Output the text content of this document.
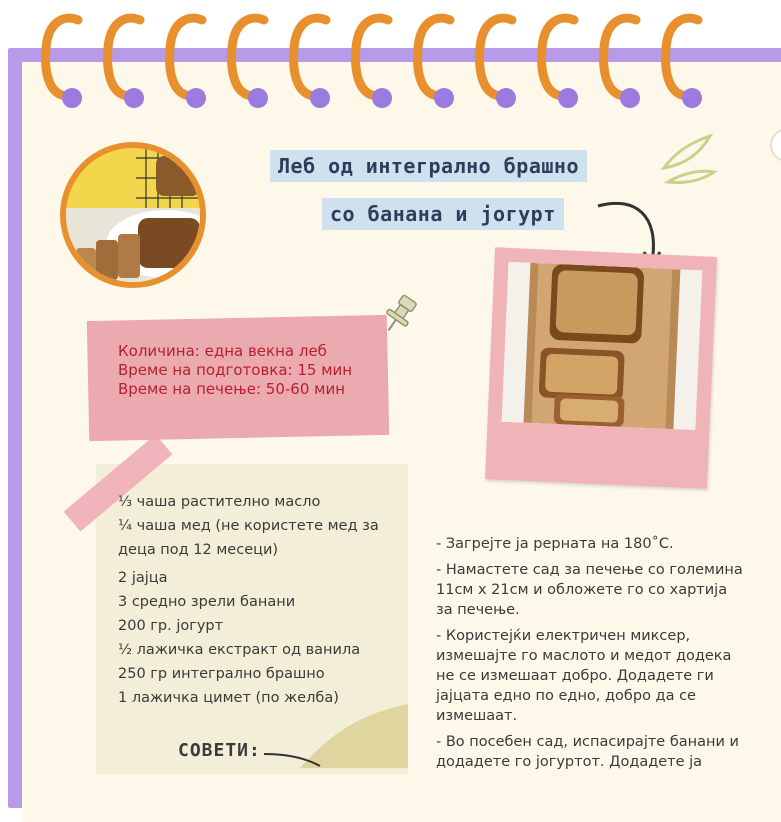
Леб од интегрално брашно
со банана и јогурт
Количина: една векна леб
Време на подготовка: 15 мин
Време на печење: 50-60 мин
⅓ чаша растително масло
¼ чаша мед (не користете мед за
деца под 12 месеци)
2 јајца
3 средно зрели банани
200 гр. јогурт
½ лажичка екстракт од ванила
250 гр интегрално брашно
1 лажичка цимет (по желба)
СОВЕТИ:

- Загрејте ја рерната на 180˚С.

- Намастете сад за печење со големина 11см х 21см и обложете го со хартија за печење.

- Користејќи електричен миксер, измешајте го маслото и медот додека не се измешаат добро. Додадете ги јајцата едно по едно, добро да се измешаат.

- Во посебен сад, испасирајте банани и додадете го јогуртот. Додадете ја
